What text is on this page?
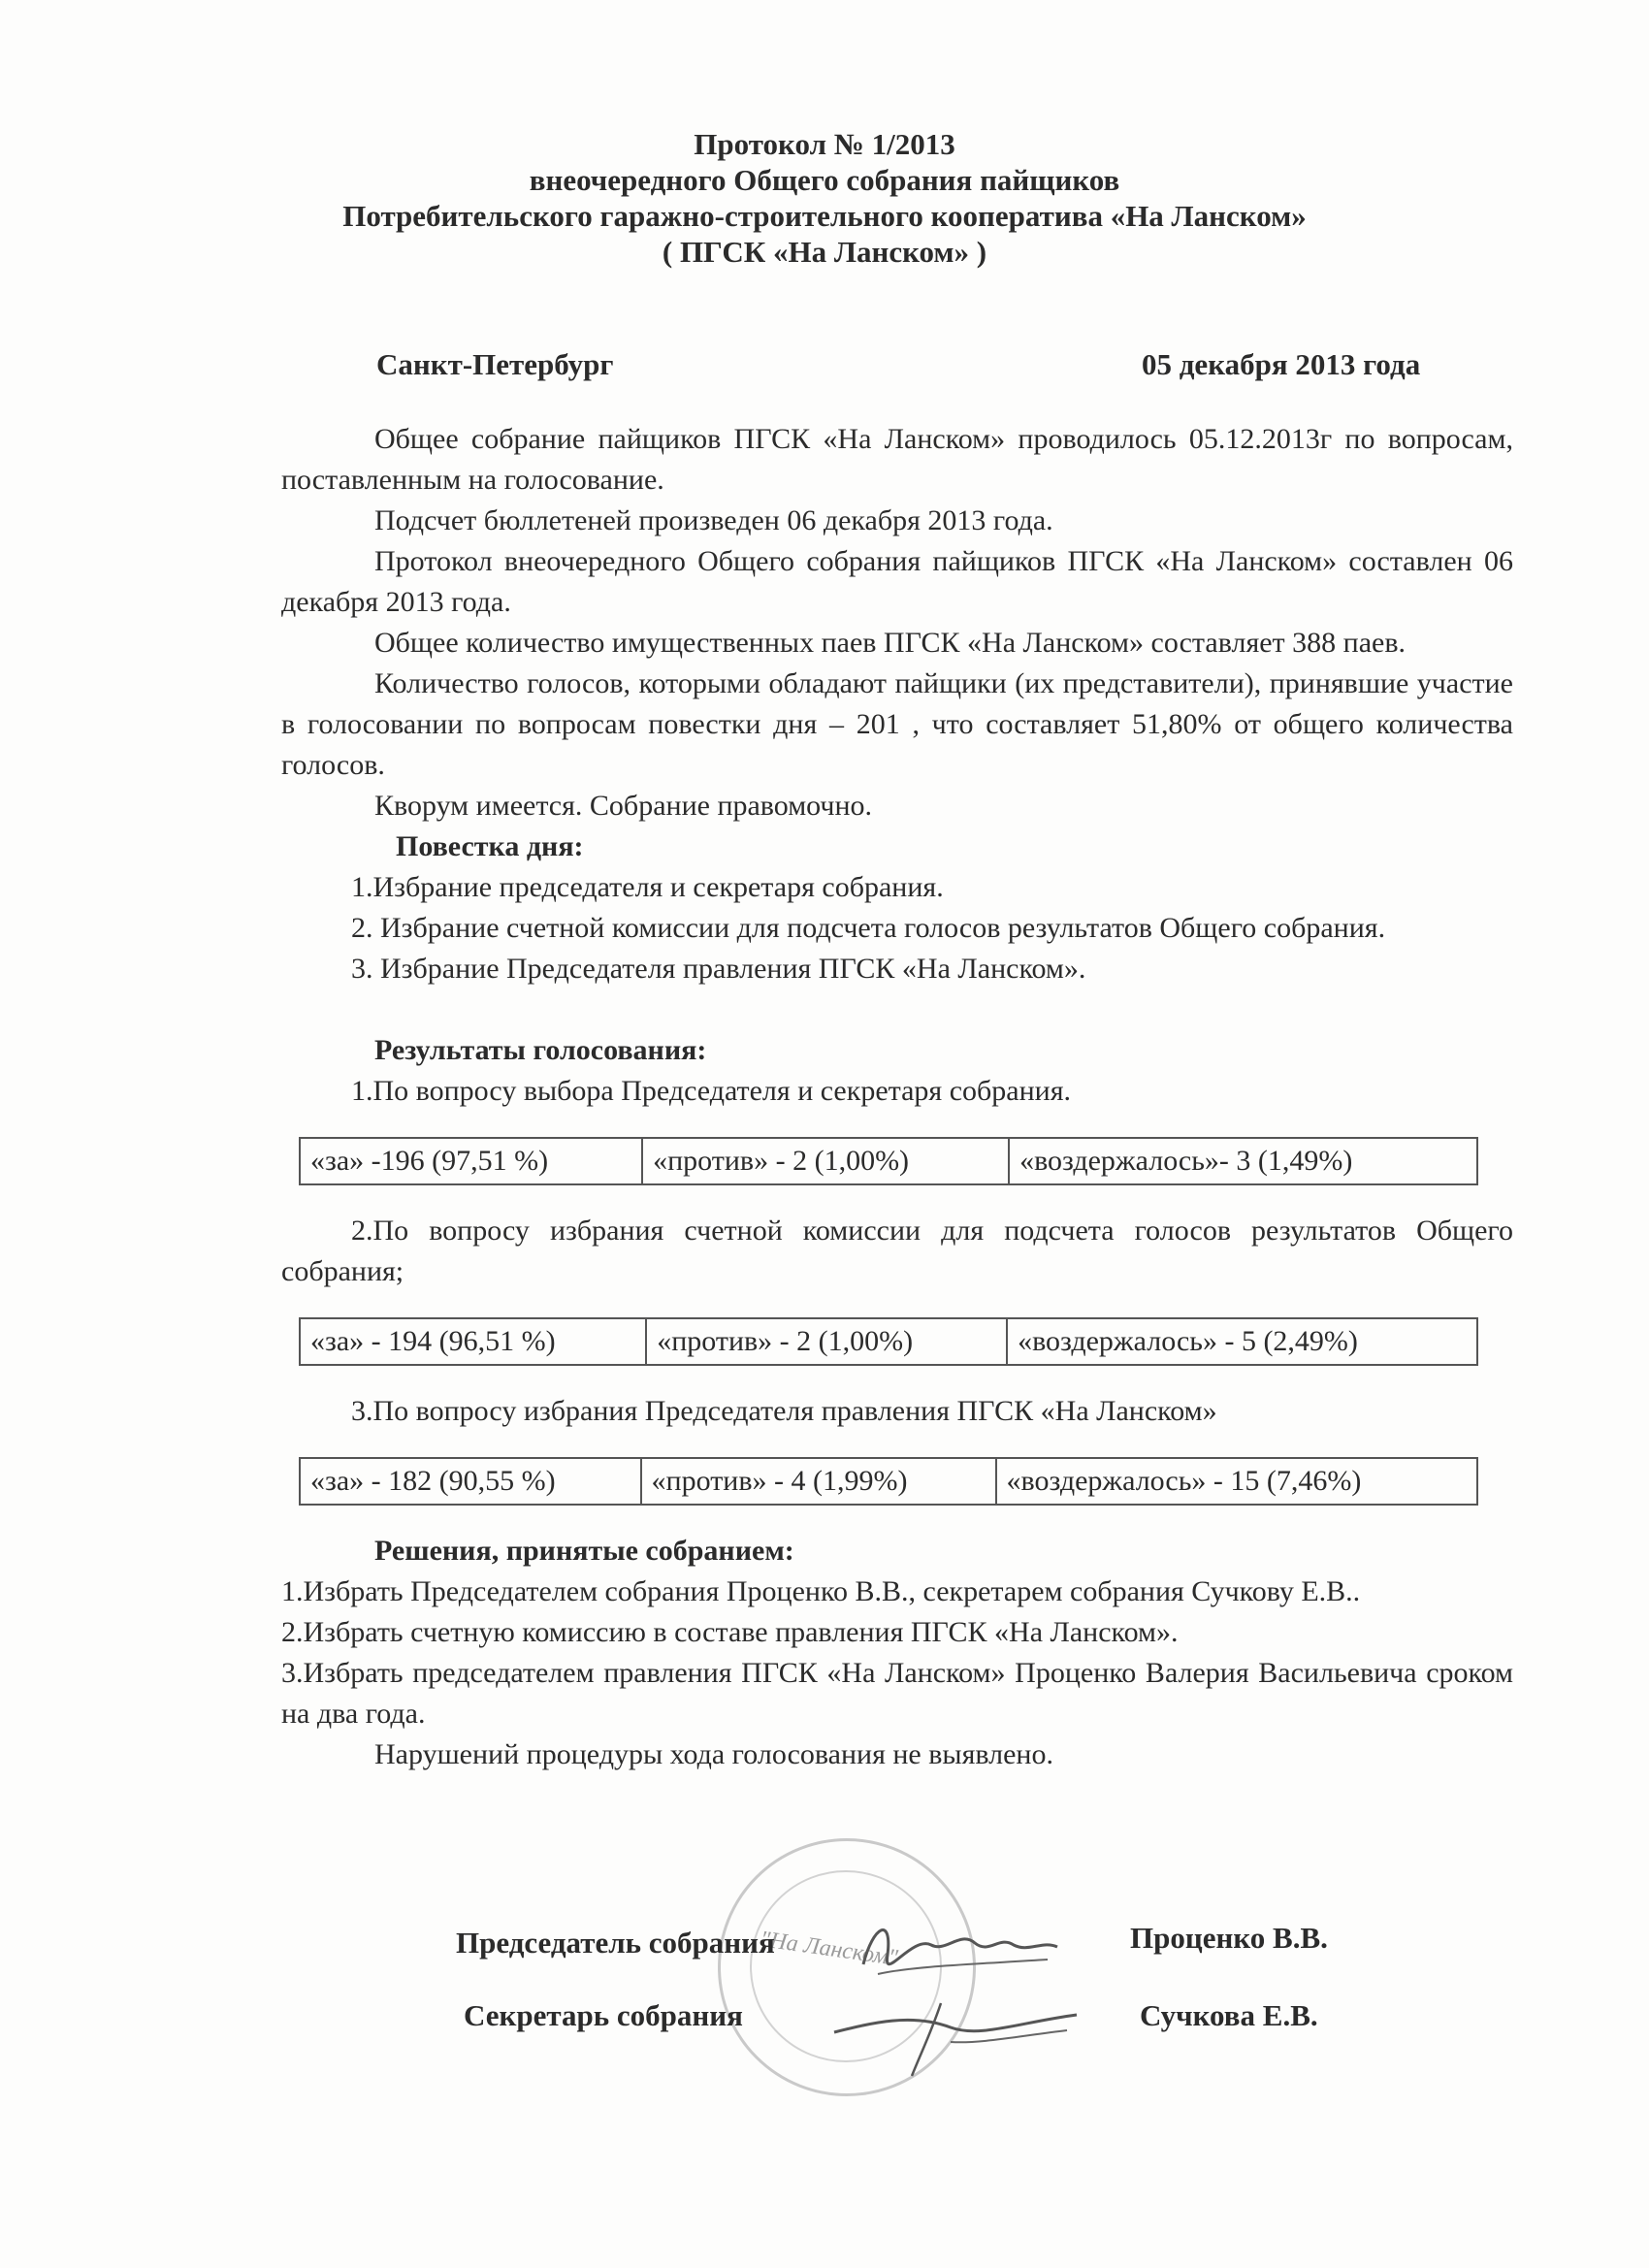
Протокол № 1/2013
внеочередного Общего собрания пайщиков
Потребительского гаражно-строительного кооператива «На Ланском»
( ПГСК «На Ланском» )
Санкт-Петербург	05 декабря 2013 года

Общее собрание пайщиков ПГСК «На Ланском» проводилось 05.12.2013г по вопросам, поставленным на голосование.

Подсчет бюллетеней произведен 06 декабря 2013 года.

Протокол внеочередного Общего собрания пайщиков ПГСК «На Ланском» составлен 06 декабря 2013 года.

Общее количество имущественных паев ПГСК «На Ланском» составляет 388 паев.

Количество голосов, которыми обладают пайщики (их представители), принявшие участие в голосовании по вопросам повестки дня – 201 , что составляет 51,80% от общего количества голосов.

Кворум имеется. Собрание правомочно.

Повестка дня:
1.Избрание председателя и секретаря собрания.
2. Избрание счетной комиссии для подсчета голосов результатов Общего собрания.
3. Избрание Председателя правления ПГСК «На Ланском».
Результаты голосования:
1.По вопросу выбора Председателя и секретаря собрания.
«за» -196 (97,51 %)	«против» - 2 (1,00%)	«воздержалось»- 3 (1,49%)

2.По вопросу избрания счетной комиссии для подсчета голосов результатов Общего собрания;

«за» - 194 (96,51 %)	«против» - 2 (1,00%)	«воздержалось» - 5 (2,49%)
3.По вопросу избрания Председателя правления ПГСК «На Ланском»
«за» - 182 (90,55 %)	«против» - 4 (1,99%)	«воздержалось» - 15 (7,46%)
Решения, принятые собранием:
1.Избрать Председателем собрания Проценко В.В., секретарем собрания Сучкову Е.В..
2.Избрать счетную комиссию в составе правления ПГСК «На Ланском».
3.Избрать председателем правления ПГСК «На Ланском» Проценко Валерия Васильевича сроком на два года.

Нарушений процедуры хода голосования не выявлено.

"На Ланском"
Председатель собрания	Проценко В.В.
Секретарь собрания	Сучкова Е.В.
